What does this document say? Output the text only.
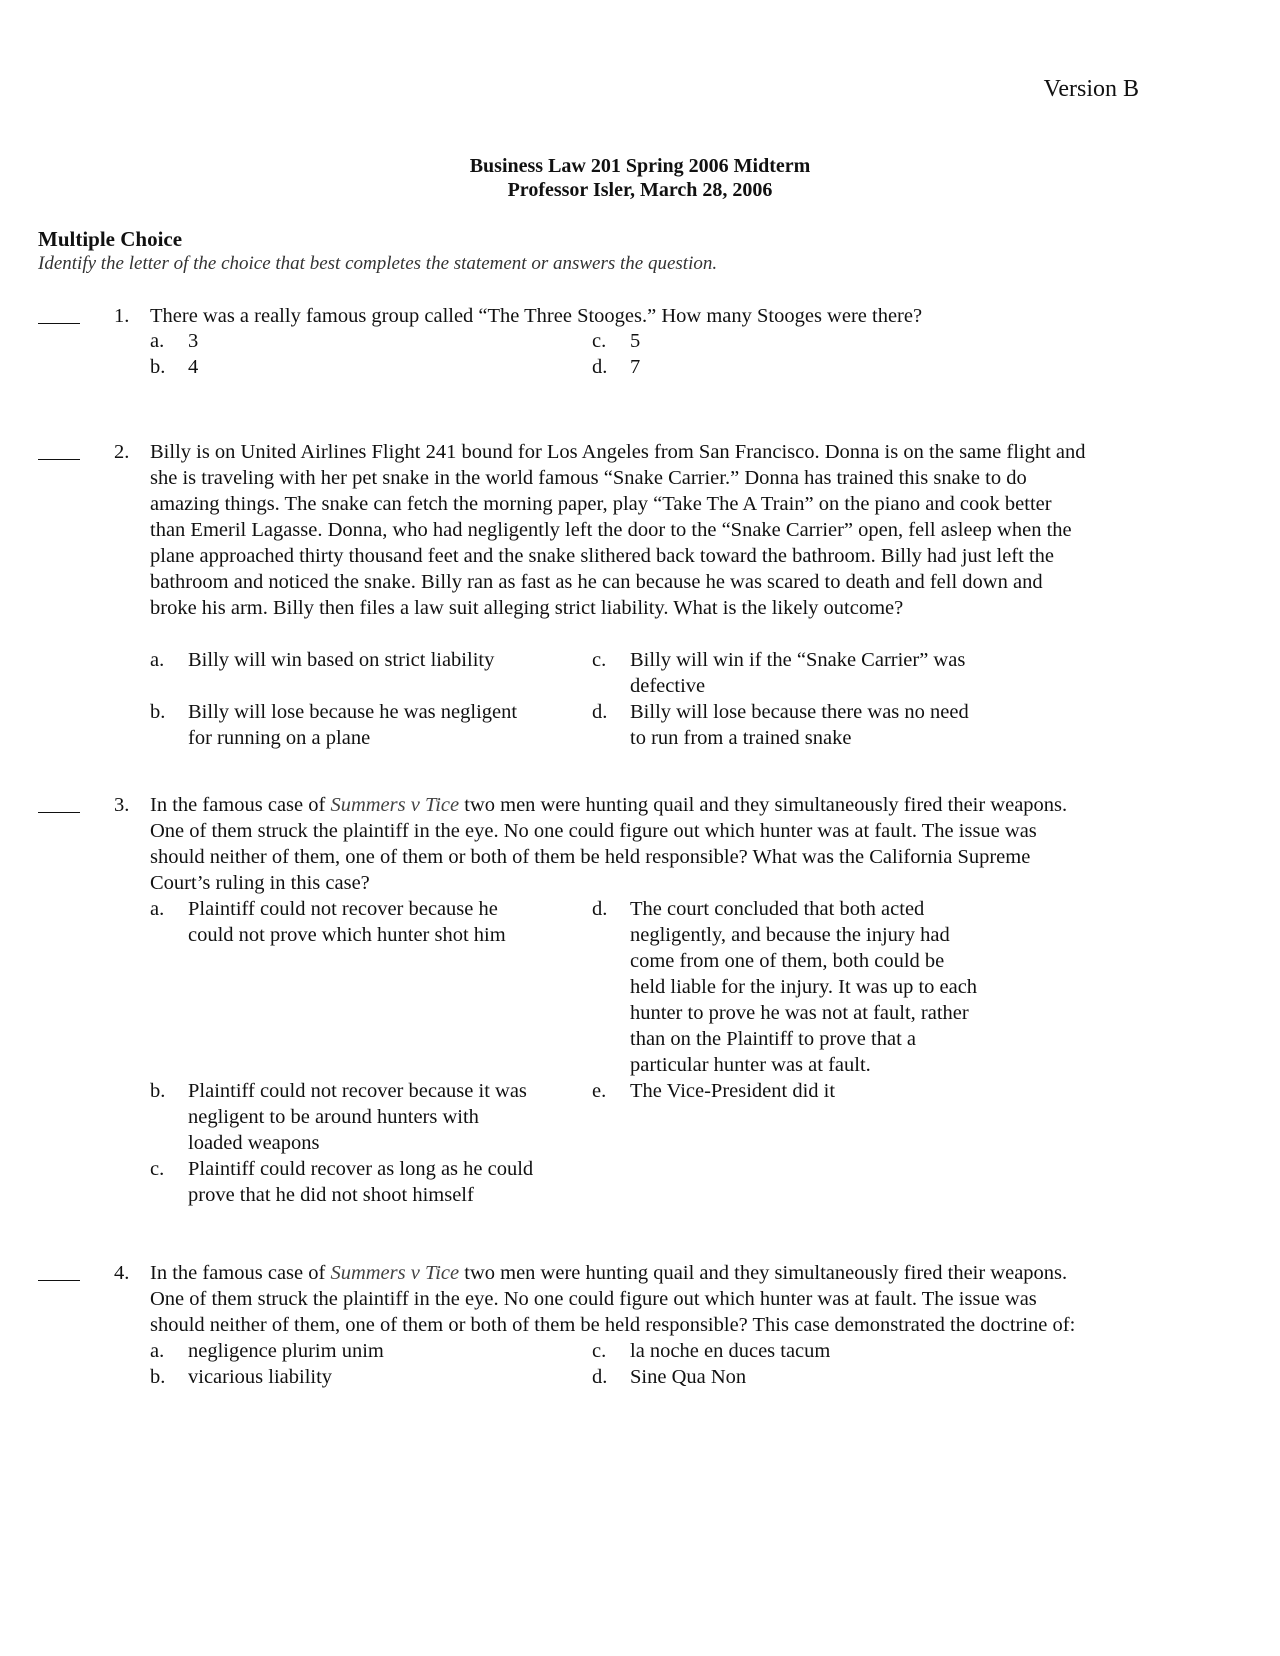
Version B
Business Law 201 Spring 2006 Midterm
Professor Isler, March 28, 2006
Multiple Choice
Identify the letter of the choice that best completes the statement or answers the question.
1.	There was a really famous group called “The Three Stooges.” How many Stooges were there?
a.	3
b.	4
c.	5
d.	7
2.	Billy is on United Airlines Flight 241 bound for Los Angeles from San Francisco. Donna is on the same flight and
she is traveling with her pet snake in the world famous “Snake Carrier.” Donna has trained this snake to do
amazing things. The snake can fetch the morning paper, play “Take The A Train” on the piano and cook better
than Emeril Lagasse. Donna, who had negligently left the door to the “Snake Carrier” open, fell asleep when the
plane approached thirty thousand feet and the snake slithered back toward the bathroom. Billy had just left the
bathroom and noticed the snake. Billy ran as fast as he can because he was scared to death and fell down and
broke his arm. Billy then files a law suit alleging strict liability. What is the likely outcome?
a.	Billy will win based on strict liability
b.	Billy will lose because he was negligent
for running on a plane
c.	Billy will win if the “Snake Carrier” was
defective
d.	Billy will lose because there was no need
to run from a trained snake
3.	In the famous case of Summers v Tice two men were hunting quail and they simultaneously fired their weapons.
One of them struck the plaintiff in the eye. No one could figure out which hunter was at fault. The issue was
should neither of them, one of them or both of them be held responsible? What was the California Supreme
Court’s ruling in this case?
a.	Plaintiff could not recover because he
could not prove which hunter shot him
b.	Plaintiff could not recover because it was
negligent to be around hunters with
loaded weapons
c.	Plaintiff could recover as long as he could
prove that he did not shoot himself
d.	The court concluded that both acted
negligently, and because the injury had
come from one of them, both could be
held liable for the injury. It was up to each
hunter to prove he was not at fault, rather
than on the Plaintiff to prove that a
particular hunter was at fault.
e.	The Vice-President did it
4.	In the famous case of Summers v Tice two men were hunting quail and they simultaneously fired their weapons.
One of them struck the plaintiff in the eye. No one could figure out which hunter was at fault. The issue was
should neither of them, one of them or both of them be held responsible? This case demonstrated the doctrine of:
a.	negligence plurim unim
b.	vicarious liability
c.	la noche en duces tacum
d.	Sine Qua Non
